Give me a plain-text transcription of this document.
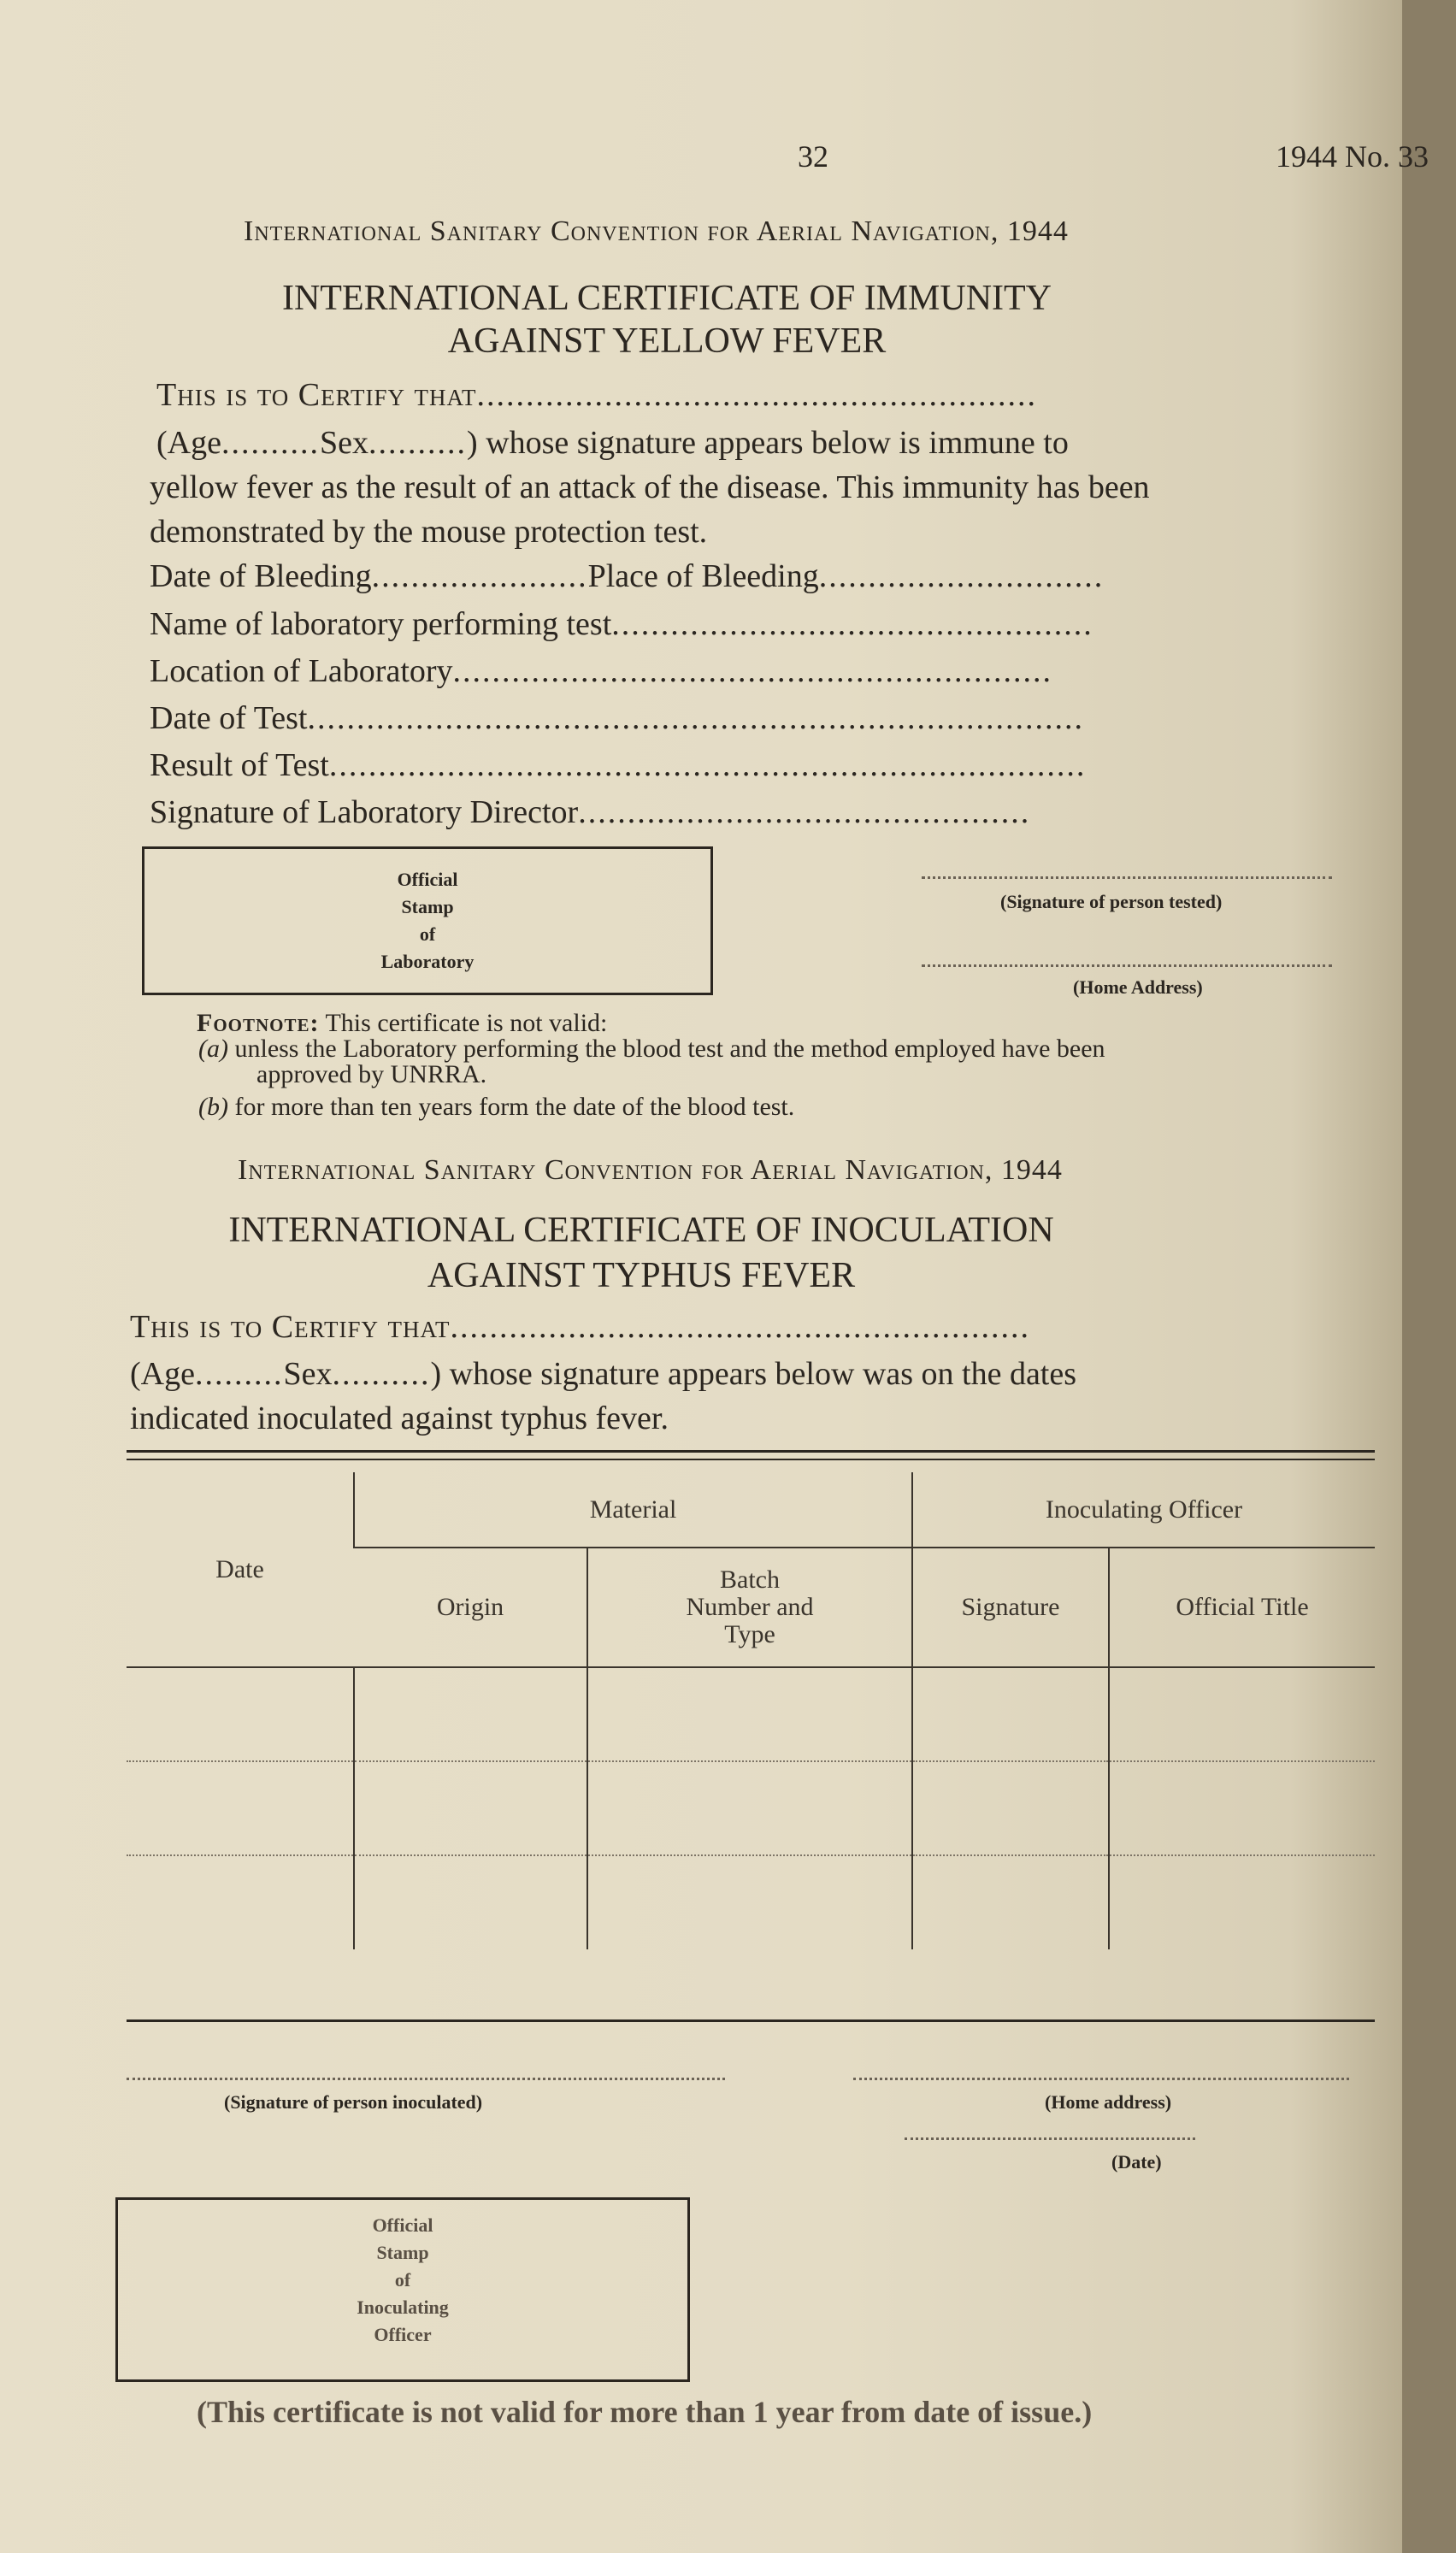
32	1944 No. 33
International Sanitary Convention for Aerial Navigation, 1944
INTERNATIONAL CERTIFICATE OF IMMUNITY
AGAINST YELLOW FEVER
This is to Certify that.........................................................
(Age..........Sex..........) whose signature appears below is immune to
yellow fever as the result of an attack of the disease. This immunity has been
demonstrated by the mouse protection test.
Date of Bleeding......................Place of Bleeding.............................
Name of laboratory performing test.................................................
Location of Laboratory.............................................................
Date of Test...............................................................................
Result of Test.............................................................................
Signature of Laboratory Director..............................................
Official
Stamp
of
Laboratory
(Signature of person tested)
(Home Address)
Footnote: This certificate is not valid:
(a) unless the Laboratory performing the blood test and the method employed have been
approved by UNRRA.
(b) for more than ten years form the date of the blood test.
International Sanitary Convention for Aerial Navigation, 1944
INTERNATIONAL CERTIFICATE OF INOCULATION
AGAINST TYPHUS FEVER
This is to Certify that...........................................................
(Age.........Sex..........) whose signature appears below was on the dates
indicated inoculated against typhus fever.
Date	Material		Inoculating Officer	
	Origin	Batch
Number and
Type	Signature	Official Title

(Signature of person inoculated)	(Home address)
(Date)
Official
Stamp
of
Inoculating
Officer
(This certificate is not valid for more than 1 year from date of issue.)
